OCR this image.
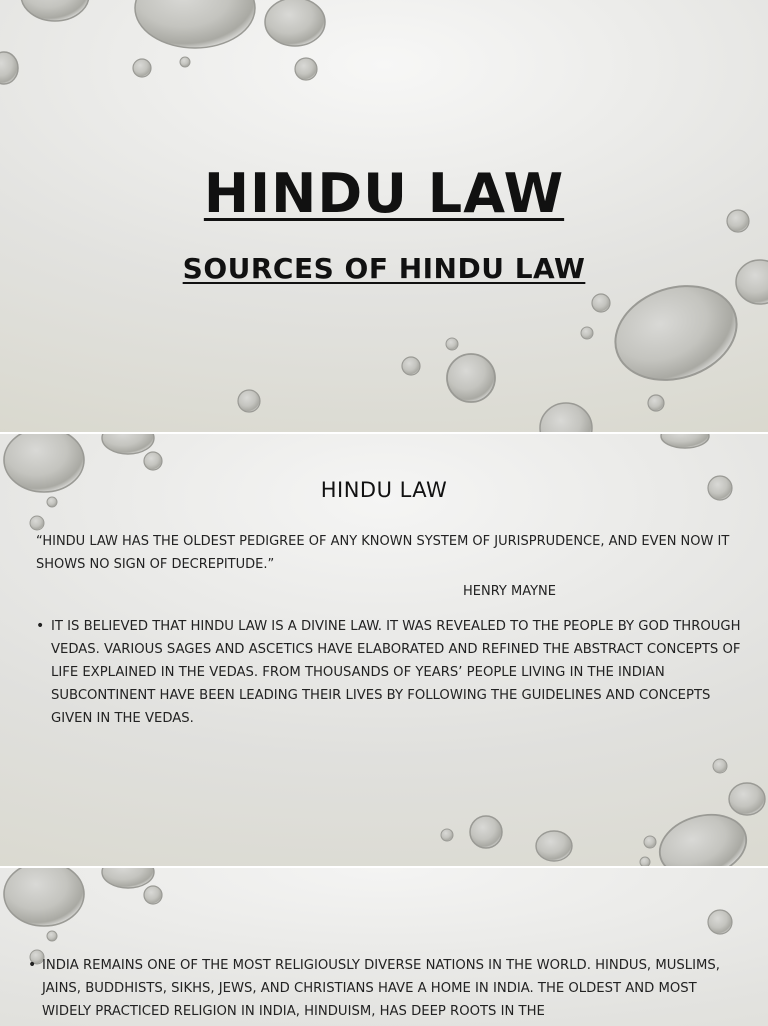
HINDU LAW
SOURCES OF HINDU LAW
HINDU LAW

“HINDU LAW HAS THE OLDEST PEDIGREE OF ANY KNOWN SYSTEM OF JURISPRUDENCE, AND EVEN NOW IT SHOWS NO SIGN OF DECREPITUDE.”

HENRY MAYNE

• IT IS BELIEVED THAT HINDU LAW IS A DIVINE LAW. IT WAS REVEALED TO THE PEOPLE BY GOD THROUGH VEDAS. VARIOUS SAGES AND ASCETICS HAVE ELABORATED AND REFINED THE ABSTRACT CONCEPTS OF LIFE EXPLAINED IN THE VEDAS. FROM THOUSANDS OF YEARS’ PEOPLE LIVING IN THE INDIAN SUBCONTINENT HAVE BEEN LEADING THEIR LIVES BY FOLLOWING THE GUIDELINES AND CONCEPTS GIVEN IN THE VEDAS.

• INDIA REMAINS ONE OF THE MOST RELIGIOUSLY DIVERSE NATIONS IN THE WORLD. HINDUS, MUSLIMS, JAINS, BUDDHISTS, SIKHS, JEWS, AND CHRISTIANS HAVE A HOME IN INDIA. THE OLDEST AND MOST WIDELY PRACTICED RELIGION IN INDIA, HINDUISM, HAS DEEP ROOTS IN THE
